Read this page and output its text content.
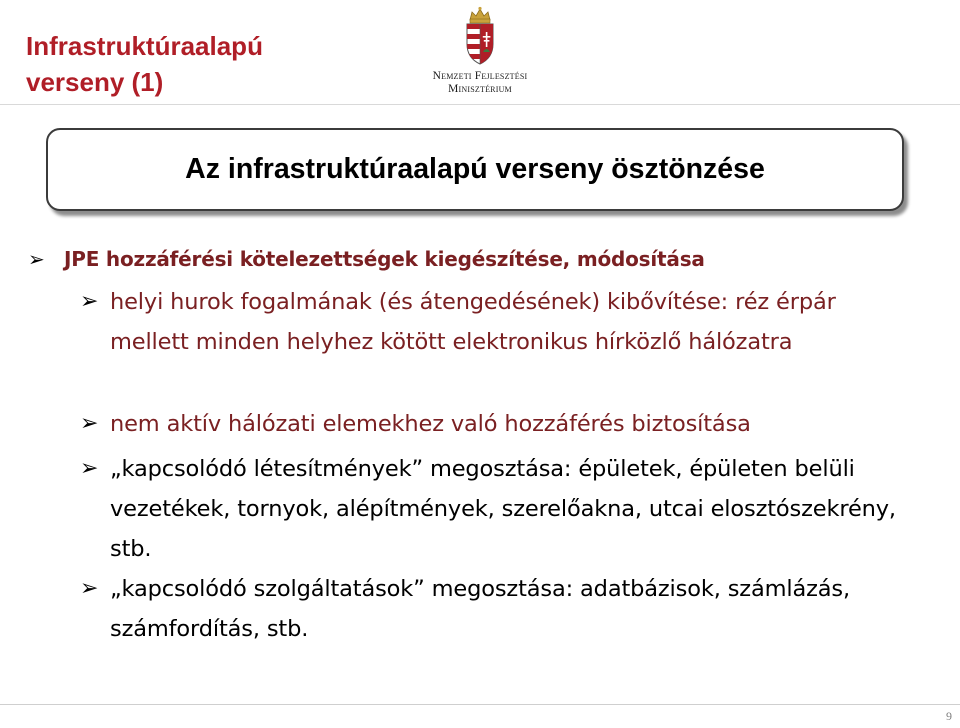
Infrastruktúraalapú
verseny (1)	Nemzeti Fejlesztési
Minisztérium
Az infrastruktúraalapú verseny ösztönzése
➢ JPE hozzáférési kötelezettségek kiegészítése, módosítása
➢ helyi hurok fogalmának (és átengedésének) kibővítése: réz érpár mellett minden helyhez kötött elektronikus hírközlő hálózatra
➢ nem aktív hálózati elemekhez való hozzáférés biztosítása
➢ „kapcsolódó létesítmények” megosztása: épületek, épületen belüli vezetékek, tornyok, alépítmények, szerelőakna, utcai elosztószekrény, stb.
➢ „kapcsolódó szolgáltatások” megosztása: adatbázisok, számlázás, számfordítás, stb.
9
